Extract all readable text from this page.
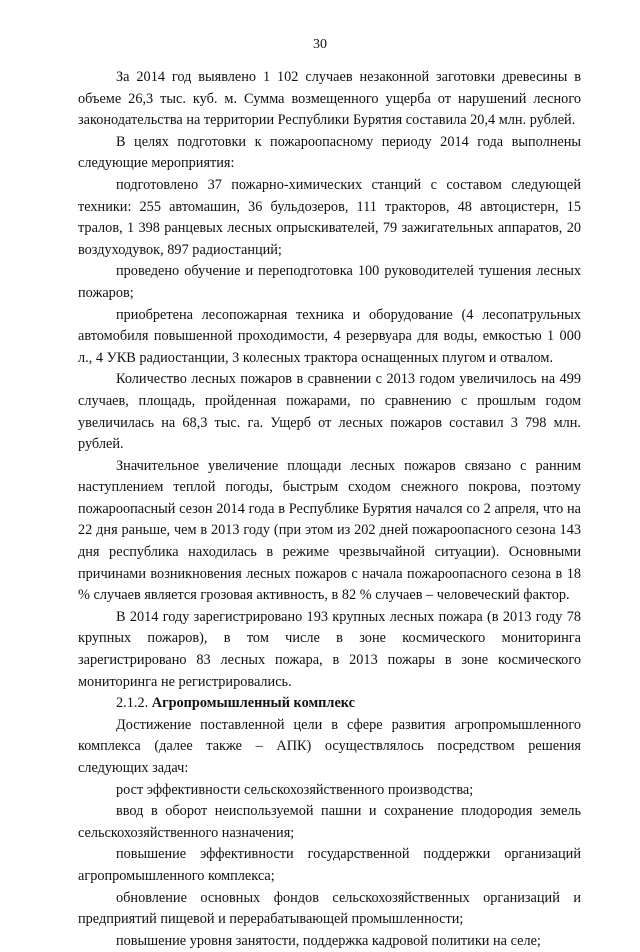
30

За 2014 год выявлено 1 102 случаев незаконной заготовки древесины в объеме 26,3 тыс. куб. м. Сумма возмещенного ущерба от нарушений лесного законодательства на территории Республики Бурятия составила 20,4 млн. рублей.

В целях подготовки к пожароопасному периоду 2014 года выполнены следующие мероприятия:

подготовлено 37 пожарно-химических станций с составом следующей техники: 255 автомашин, 36 бульдозеров, 111 тракторов, 48 автоцистерн, 15 тралов, 1 398 ранцевых лесных опрыскивателей, 79 зажигательных аппаратов, 20 воздуходувок, 897 радиостанций;

проведено обучение и переподготовка 100 руководителей тушения лесных пожаров;

приобретена лесопожарная техника и оборудование (4 лесопатрульных автомобиля повышенной проходимости, 4 резервуара для воды, емкостью 1 000 л., 4 УКВ радиостанции, 3 колесных трактора оснащенных плугом и отвалом.

Количество лесных пожаров в сравнении с 2013 годом увеличилось на 499 случаев, площадь, пройденная пожарами, по сравнению с прошлым годом увеличилась на 68,3 тыс. га. Ущерб от лесных пожаров составил 3 798 млн. рублей.

Значительное увеличение площади лесных пожаров связано с ранним наступлением теплой погоды, быстрым сходом снежного покрова, поэтому пожароопасный сезон 2014 года в Республике Бурятия начался со 2 апреля, что на 22 дня раньше, чем в 2013 году (при этом из 202 дней пожароопасного сезона 143 дня республика находилась в режиме чрезвычайной ситуации). Основными причинами возникновения лесных пожаров с начала пожароопасного сезона в 18 % случаев является грозовая активность, в 82 % случаев – человеческий фактор.

В 2014 году зарегистрировано 193 крупных лесных пожара (в 2013 году 78 крупных пожаров), в том числе в зоне космического мониторинга зарегистрировано 83 лесных пожара, в 2013 пожары в зоне космического мониторинга не регистрировались.

2.1.2. Агропромышленный комплекс

Достижение поставленной цели в сфере развития агропромышленного комплекса (далее также – АПК) осуществлялось посредством решения следующих задач:

рост эффективности сельскохозяйственного производства;

ввод в оборот неиспользуемой пашни и сохранение плодородия земель сельскохозяйственного назначения;

повышение эффективности государственной поддержки организаций агропромышленного комплекса;

обновление основных фондов сельскохозяйственных организаций и предприятий пищевой и перерабатывающей промышленности;

повышение уровня занятости, поддержка кадровой политики на селе;
